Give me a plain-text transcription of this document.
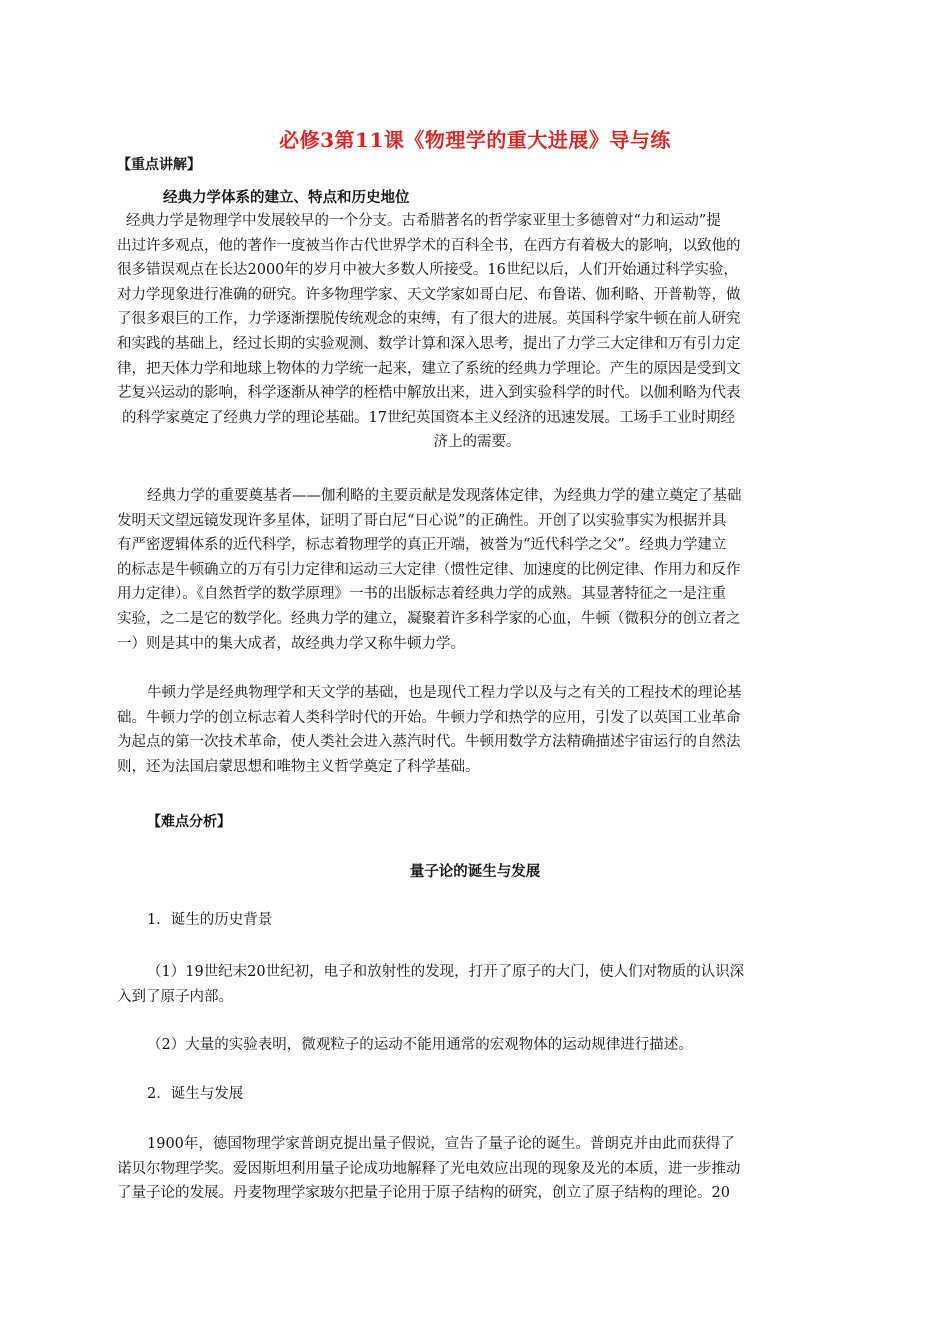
必修3第11课《物理学的重大进展》导与练
【重点讲解】
经典力学体系的建立、特点和历史地位
经典力学是物理学中发展较早的一个分支。古希腊著名的哲学家亚里士多德曾对“力和运动”提
出过许多观点，他的著作一度被当作古代世界学术的百科全书，在西方有着极大的影响，以致他的
很多错误观点在长达2000年的岁月中被大多数人所接受。16世纪以后，人们开始通过科学实验，
对力学现象进行准确的研究。许多物理学家、天文学家如哥白尼、布鲁诺、伽利略、开普勒等，做
了很多艰巨的工作，力学逐渐摆脱传统观念的束缚，有了很大的进展。英国科学家牛顿在前人研究
和实践的基础上，经过长期的实验观测、数学计算和深入思考，提出了力学三大定律和万有引力定
律，把天体力学和地球上物体的力学统一起来，建立了系统的经典力学理论。产生的原因是受到文
艺复兴运动的影响，科学逐渐从神学的桎梏中解放出来，进入到实验科学的时代。以伽利略为代表
的科学家奠定了经典力学的理论基础。17世纪英国资本主义经济的迅速发展。工场手工业时期经
济上的需要。
经典力学的重要奠基者——伽利略的主要贡献是发现落体定律，为经典力学的建立奠定了基础
发明天文望远镜发现许多星体，证明了哥白尼“日心说”的正确性。开创了以实验事实为根据并具
有严密逻辑体系的近代科学，标志着物理学的真正开端，被誉为“近代科学之父”。经典力学建立
的标志是牛顿确立的万有引力定律和运动三大定律（惯性定律、加速度的比例定律、作用力和反作
用力定律）。《自然哲学的数学原理》一书的出版标志着经典力学的成熟。其显著特征之一是注重
实验，之二是它的数学化。经典力学的建立，凝聚着许多科学家的心血，牛顿（微积分的创立者之
一）则是其中的集大成者，故经典力学又称牛顿力学。
牛顿力学是经典物理学和天文学的基础，也是现代工程力学以及与之有关的工程技术的理论基
础。牛顿力学的创立标志着人类科学时代的开始。牛顿力学和热学的应用，引发了以英国工业革命
为起点的第一次技术革命，使人类社会进入蒸汽时代。牛顿用数学方法精确描述宇宙运行的自然法
则，还为法国启蒙思想和唯物主义哲学奠定了科学基础。
【难点分析】
量子论的诞生与发展
1．诞生的历史背景
（1）19世纪末20世纪初，电子和放射性的发现，打开了原子的大门，使人们对物质的认识深
入到了原子内部。
（2）大量的实验表明，微观粒子的运动不能用通常的宏观物体的运动规律进行描述。
2．诞生与发展
1900年，德国物理学家普朗克提出量子假说，宣告了量子论的诞生。普朗克并由此而获得了
诺贝尔物理学奖。爱因斯坦利用量子论成功地解释了光电效应出现的现象及光的本质，进一步推动
了量子论的发展。丹麦物理学家玻尔把量子论用于原子结构的研究，创立了原子结构的理论。20
